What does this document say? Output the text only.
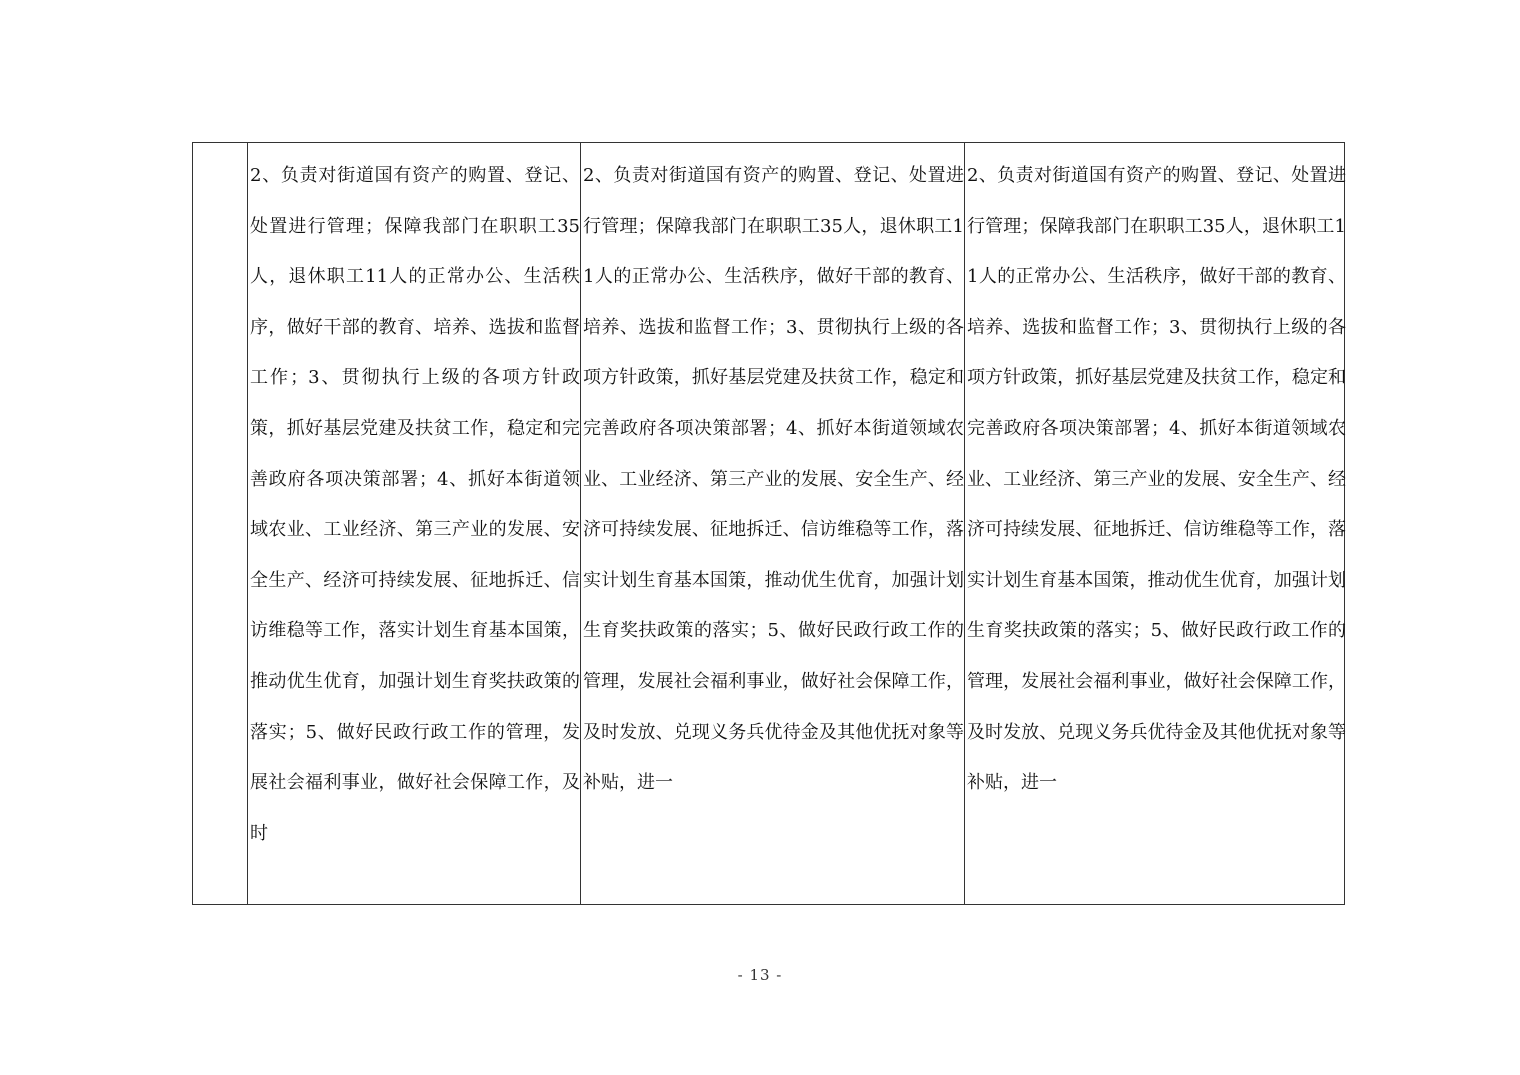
2、负责对街道国有资产的购置、登记、处置进行管理；保障我部门在职职工35人，退休职工11人的正常办公、生活秩序，做好干部的教育、培养、选拔和监督工作；3、贯彻执行上级的各项方针政策，抓好基层党建及扶贫工作，稳定和完善政府各项决策部署；4、抓好本街道领域农业、工业经济、第三产业的发展、安全生产、经济可持续发展、征地拆迁、信访维稳等工作，落实计划生育基本国策，推动优生优育，加强计划生育奖扶政策的落实；5、做好民政行政工作的管理，发展社会福利事业，做好社会保障工作，及时
2、负责对街道国有资产的购置、登记、处置进行管理；保障我部门在职职工35人，退休职工11人的正常办公、生活秩序，做好干部的教育、培养、选拔和监督工作；3、贯彻执行上级的各项方针政策，抓好基层党建及扶贫工作，稳定和完善政府各项决策部署；4、抓好本街道领域农业、工业经济、第三产业的发展、安全生产、经济可持续发展、征地拆迁、信访维稳等工作，落实计划生育基本国策，推动优生优育，加强计划生育奖扶政策的落实；5、做好民政行政工作的管理，发展社会福利事业，做好社会保障工作，及时发放、兑现义务兵优待金及其他优抚对象等补贴，进一
2、负责对街道国有资产的购置、登记、处置进行管理；保障我部门在职职工35人，退休职工11人的正常办公、生活秩序，做好干部的教育、培养、选拔和监督工作；3、贯彻执行上级的各项方针政策，抓好基层党建及扶贫工作，稳定和完善政府各项决策部署；4、抓好本街道领域农业、工业经济、第三产业的发展、安全生产、经济可持续发展、征地拆迁、信访维稳等工作，落实计划生育基本国策，推动优生优育，加强计划生育奖扶政策的落实；5、做好民政行政工作的管理，发展社会福利事业，做好社会保障工作，及时发放、兑现义务兵优待金及其他优抚对象等补贴，进一
- 13 -
